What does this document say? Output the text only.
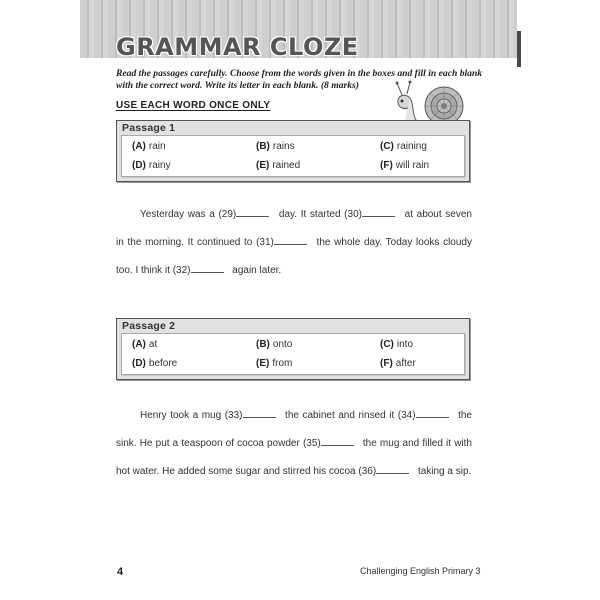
GRAMMAR CLOZE
Read the passages carefully. Choose from the words given in the boxes and fill in each blank with the correct word. Write its letter in each blank. (8 marks)
USE EACH WORD ONCE ONLY
Passage 1
(A) rain	(B) rains	(C) raining
(D) rainy	(E) rained	(F) will rain
Yesterday was a (29)	day. It started (30)	at about seven in the morning. It continued to (31)	the whole day. Today looks cloudy too. I think it (32)	again later.
Passage 2
(A) at	(B) onto	(C) into
(D) before	(E) from	(F) after
Henry took a mug (33)	the cabinet and rinsed it (34)	the sink. He put a teaspoon of cocoa powder (35)	the mug and filled it with hot water. He added some sugar and stirred his cocoa (36)	taking a sip.
4	Challenging English Primary 3
